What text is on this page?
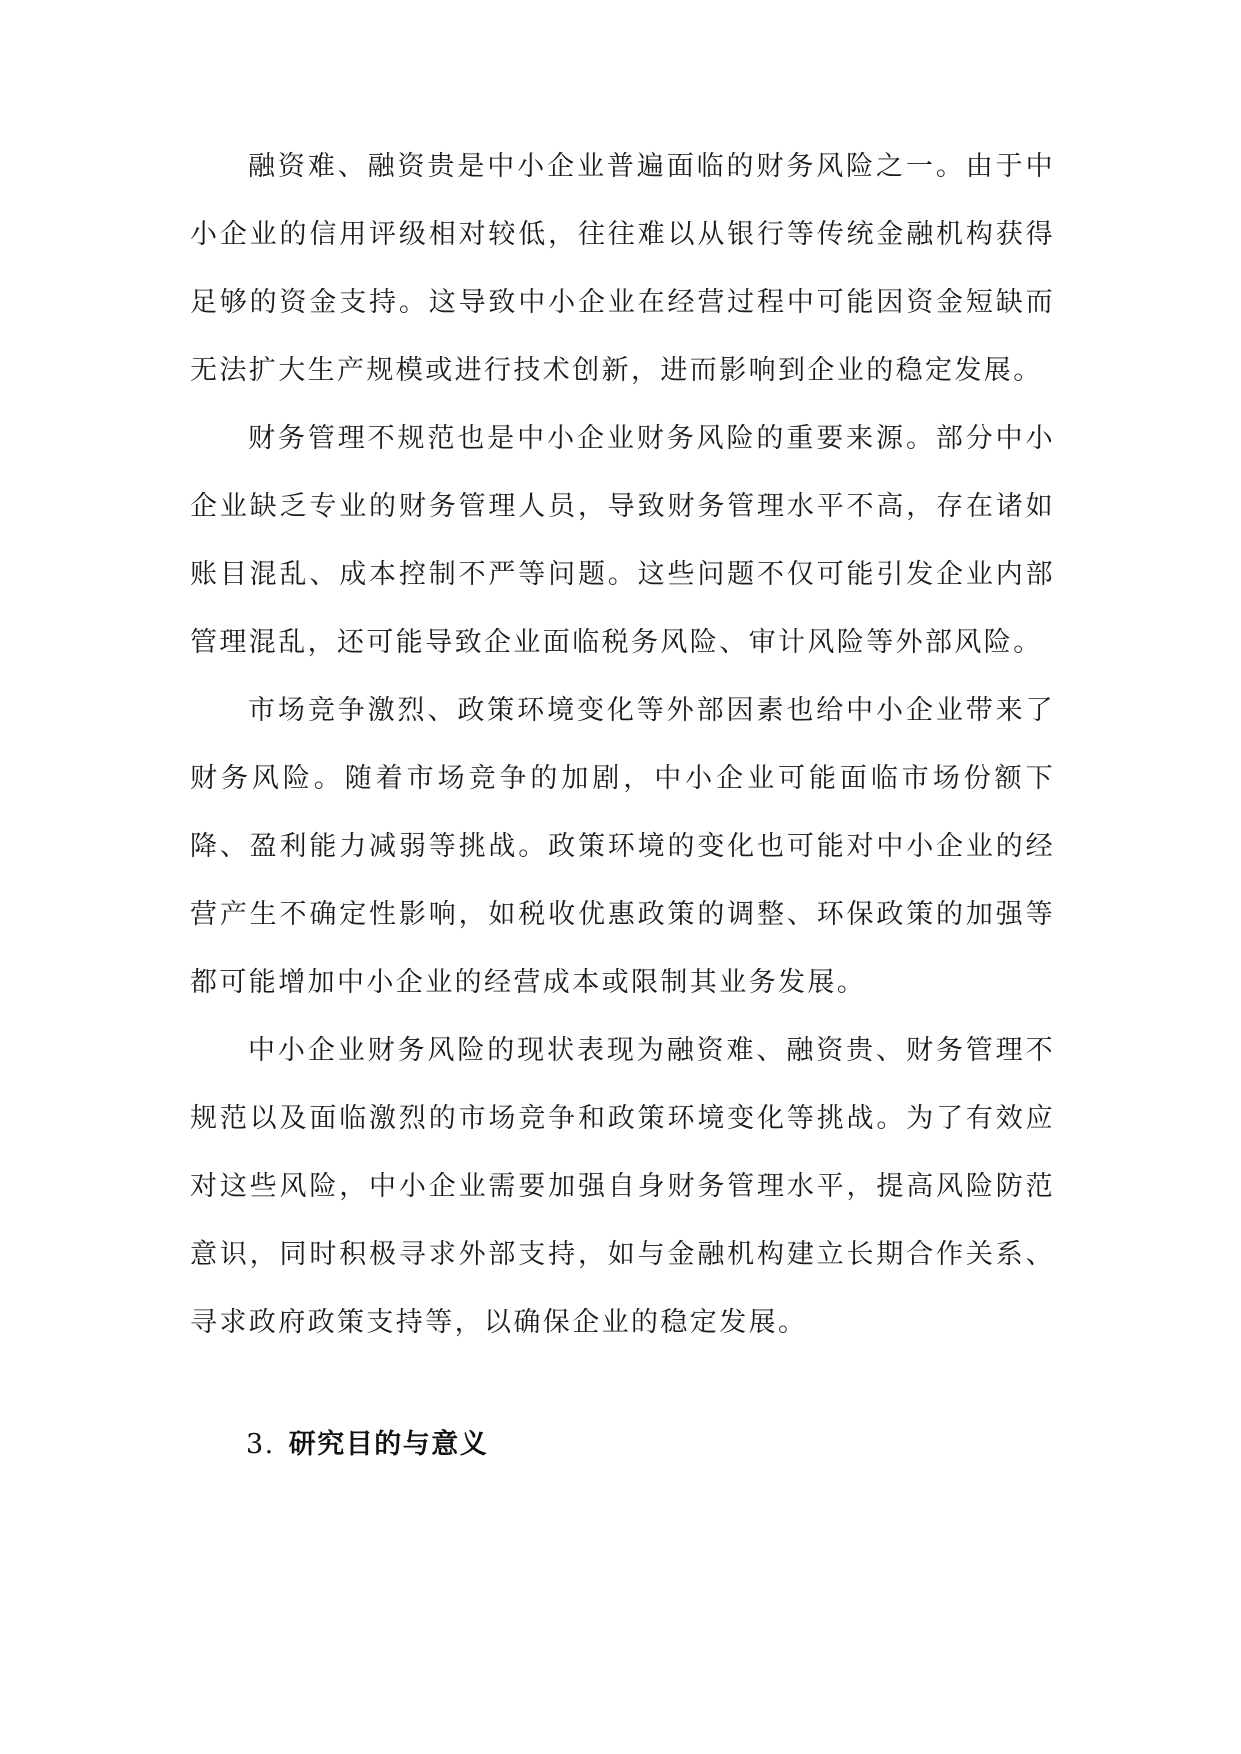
融资难、融资贵是中小企业普遍面临的财务风险之一。由于中小企业的信用评级相对较低，往往难以从银行等传统金融机构获得足够的资金支持。这导致中小企业在经营过程中可能因资金短缺而无法扩大生产规模或进行技术创新，进而影响到企业的稳定发展。

财务管理不规范也是中小企业财务风险的重要来源。部分中小企业缺乏专业的财务管理人员，导致财务管理水平不高，存在诸如账目混乱、成本控制不严等问题。这些问题不仅可能引发企业内部管理混乱，还可能导致企业面临税务风险、审计风险等外部风险。

市场竞争激烈、政策环境变化等外部因素也给中小企业带来了财务风险。随着市场竞争的加剧，中小企业可能面临市场份额下降、盈利能力减弱等挑战。政策环境的变化也可能对中小企业的经营产生不确定性影响，如税收优惠政策的调整、环保政策的加强等都可能增加中小企业的经营成本或限制其业务发展。

中小企业财务风险的现状表现为融资难、融资贵、财务管理不规范以及面临激烈的市场竞争和政策环境变化等挑战。为了有效应对这些风险，中小企业需要加强自身财务管理水平，提高风险防范意识，同时积极寻求外部支持，如与金融机构建立长期合作关系、寻求政府政策支持等，以确保企业的稳定发展。

3. 研究目的与意义
